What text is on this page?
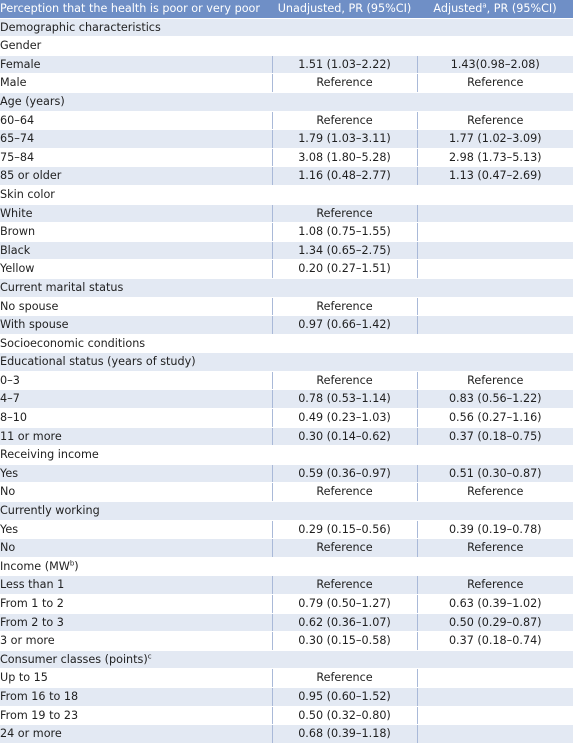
Perception that the health is poor or very poor	Unadjusted, PR (95%CI)	Adjusted$^a$, PR (95%CI)
Demographic characteristics		
Gender		
Female	1.51 (1.03–2.22)	1.43(0.98–2.08)
Male	Reference	Reference
Age (years)		
60–64	Reference	Reference
65–74	1.79 (1.03–3.11)	1.77 (1.02–3.09)
75–84	3.08 (1.80–5.28)	2.98 (1.73–5.13)
85 or older	1.16 (0.48–2.77)	1.13 (0.47–2.69)
Skin color		
White	Reference	
Brown	1.08 (0.75–1.55)	
Black	1.34 (0.65–2.75)	
Yellow	0.20 (0.27–1.51)	
Current marital status		
No spouse	Reference	
With spouse	0.97 (0.66–1.42)	
Socioeconomic conditions		
Educational status (years of study)		
0–3	Reference	Reference
4–7	0.78 (0.53–1.14)	0.83 (0.56–1.22)
8–10	0.49 (0.23–1.03)	0.56 (0.27–1.16)
11 or more	0.30 (0.14–0.62)	0.37 (0.18–0.75)
Receiving income		
Yes	0.59 (0.36–0.97)	0.51 (0.30–0.87)
No	Reference	Reference
Currently working		
Yes	0.29 (0.15–0.56)	0.39 (0.19–0.78)
No	Reference	Reference
Income $(MW^b)$		
Less than 1	Reference	Reference
From 1 to 2	0.79 (0.50–1.27)	0.63 (0.39–1.02)
From 2 to 3	0.62 (0.36–1.07)	0.50 (0.29–0.87)
3 or more	0.30 (0.15–0.58)	0.37 (0.18–0.74)
Consumer classes (points)$^c$
Up to 15	Reference	
From 16 to 18	0.95 (0.60–1.52)	
From 19 to 23	0.50 (0.32–0.80)	
24 or more	0.68 (0.39–1.18)	
